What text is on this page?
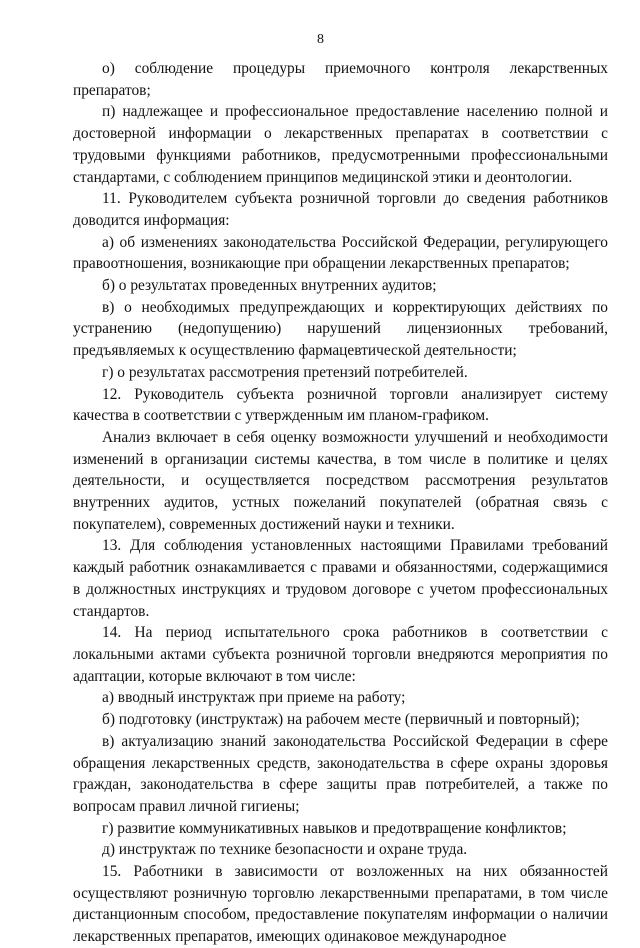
8

о) соблюдение процедуры приемочного контроля лекарственных препаратов;

п) надлежащее и профессиональное предоставление населению полной и достоверной информации о лекарственных препаратах в соответствии с трудовыми функциями работников, предусмотренными профессиональными стандартами, с соблюдением принципов медицинской этики и деонтологии.

11. Руководителем субъекта розничной торговли до сведения работников доводится информация:

а) об изменениях законодательства Российской Федерации, регулирующего правоотношения, возникающие при обращении лекарственных препаратов;

б) о результатах проведенных внутренних аудитов;

в) о необходимых предупреждающих и корректирующих действиях по устранению (недопущению) нарушений лицензионных требований, предъявляемых к осуществлению фармацевтической деятельности;

г) о результатах рассмотрения претензий потребителей.

12. Руководитель субъекта розничной торговли анализирует систему качества в соответствии с утвержденным им планом-графиком.

Анализ включает в себя оценку возможности улучшений и необходимости изменений в организации системы качества, в том числе в политике и целях деятельности, и осуществляется посредством рассмотрения результатов внутренних аудитов, устных пожеланий покупателей (обратная связь с покупателем), современных достижений науки и техники.

13. Для соблюдения установленных настоящими Правилами требований каждый работник ознакамливается с правами и обязанностями, содержащимися в должностных инструкциях и трудовом договоре с учетом профессиональных стандартов.

14. На период испытательного срока работников в соответствии с локальными актами субъекта розничной торговли внедряются мероприятия по адаптации, которые включают в том числе:

а) вводный инструктаж при приеме на работу;

б) подготовку (инструктаж) на рабочем месте (первичный и повторный);

в) актуализацию знаний законодательства Российской Федерации в сфере обращения лекарственных средств, законодательства в сфере охраны здоровья граждан, законодательства в сфере защиты прав потребителей, а также по вопросам правил личной гигиены;

г) развитие коммуникативных навыков и предотвращение конфликтов;

д) инструктаж по технике безопасности и охране труда.

15. Работники в зависимости от возложенных на них обязанностей осуществляют розничную торговлю лекарственными препаратами, в том числе дистанционным способом, предоставление покупателям информации о наличии лекарственных препаратов, имеющих одинаковое международное
